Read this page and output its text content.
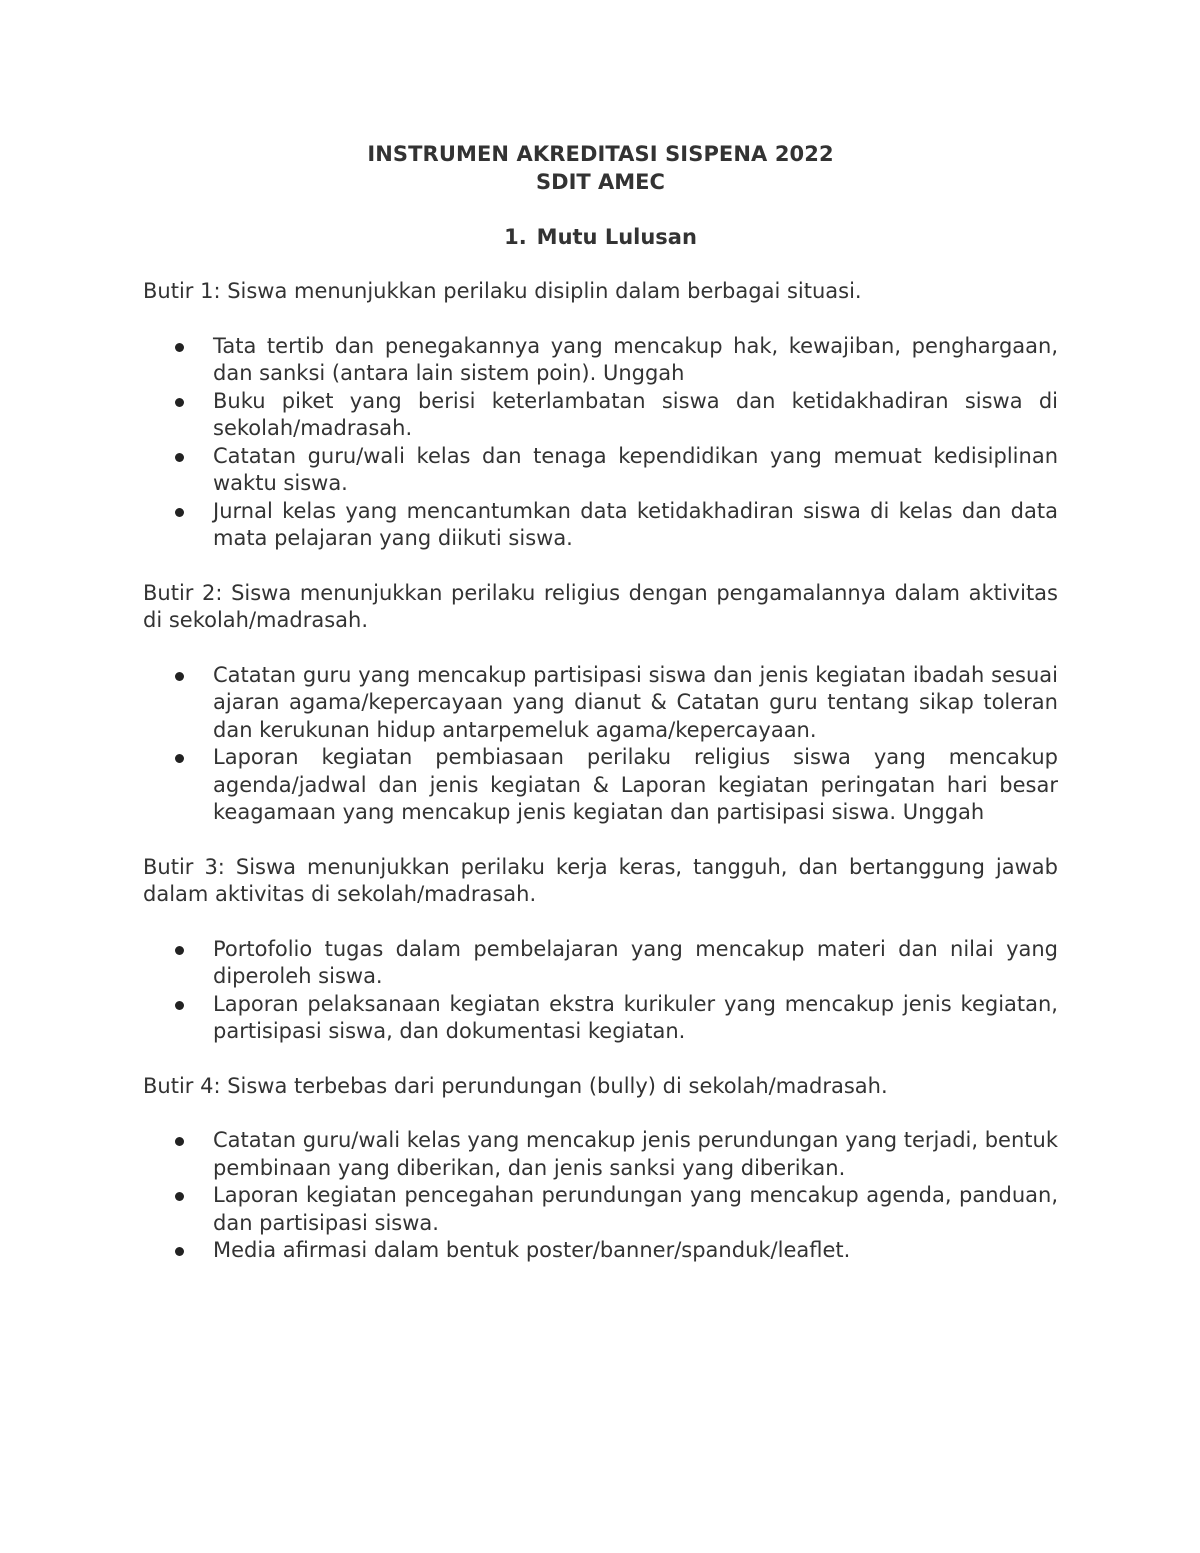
INSTRUMEN AKREDITASI SISPENA 2022

SDIT AMEC

1. Mutu Lulusan

Butir 1: Siswa menunjukkan perilaku disiplin dalam berbagai situasi.

Tata tertib dan penegakannya yang mencakup hak, kewajiban, penghargaan, dan sanksi (antara lain sistem poin). Unggah
Buku piket yang berisi keterlambatan siswa dan ketidakhadiran siswa di sekolah/madrasah.
Catatan guru/wali kelas dan tenaga kependidikan yang memuat kedisiplinan waktu siswa.
Jurnal kelas yang mencantumkan data ketidakhadiran siswa di kelas dan data mata pelajaran yang diikuti siswa.

Butir 2: Siswa menunjukkan perilaku religius dengan pengamalannya dalam aktivitas di sekolah/madrasah.

Catatan guru yang mencakup partisipasi siswa dan jenis kegiatan ibadah sesuai ajaran agama/kepercayaan yang dianut & Catatan guru tentang sikap toleran dan kerukunan hidup antarpemeluk agama/kepercayaan.
Laporan kegiatan pembiasaan perilaku religius siswa yang mencakup agenda/jadwal dan jenis kegiatan & Laporan kegiatan peringatan hari besar keagamaan yang mencakup jenis kegiatan dan partisipasi siswa. Unggah

Butir 3: Siswa menunjukkan perilaku kerja keras, tangguh, dan bertanggung jawab dalam aktivitas di sekolah/madrasah.

Portofolio tugas dalam pembelajaran yang mencakup materi dan nilai yang diperoleh siswa.
Laporan pelaksanaan kegiatan ekstra kurikuler yang mencakup jenis kegiatan, partisipasi siswa, dan dokumentasi kegiatan.

Butir 4: Siswa terbebas dari perundungan (bully) di sekolah/madrasah.

Catatan guru/wali kelas yang mencakup jenis perundungan yang terjadi, bentuk pembinaan yang diberikan, dan jenis sanksi yang diberikan.
Laporan kegiatan pencegahan perundungan yang mencakup agenda, panduan, dan partisipasi siswa.
Media afirmasi dalam bentuk poster/banner/spanduk/leaflet.
